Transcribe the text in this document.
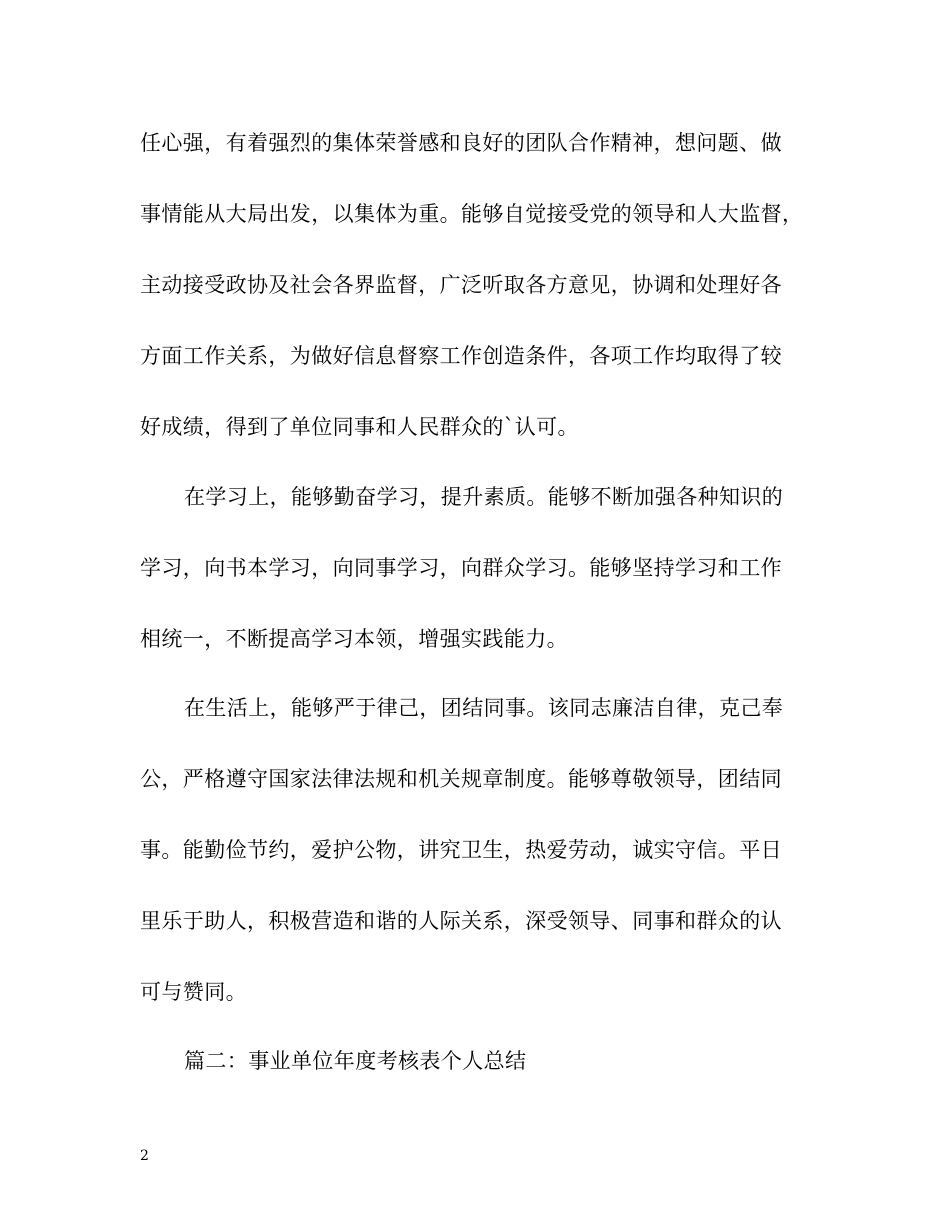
任心强，有着强烈的集体荣誉感和良好的团队合作精神，想问题、做
事情能从大局出发，以集体为重。能够自觉接受党的领导和人大监督，
主动接受政协及社会各界监督，广泛听取各方意见，协调和处理好各
方面工作关系，为做好信息督察工作创造条件，各项工作均取得了较
好成绩，得到了单位同事和人民群众的`认可。
在学习上，能够勤奋学习，提升素质。能够不断加强各种知识的
学习，向书本学习，向同事学习，向群众学习。能够坚持学习和工作
相统一，不断提高学习本领，增强实践能力。
在生活上，能够严于律己，团结同事。该同志廉洁自律，克己奉
公，严格遵守国家法律法规和机关规章制度。能够尊敬领导，团结同
事。能勤俭节约，爱护公物，讲究卫生，热爱劳动，诚实守信。平日
里乐于助人，积极营造和谐的人际关系，深受领导、同事和群众的认
可与赞同。
篇二：事业单位年度考核表个人总结
2
